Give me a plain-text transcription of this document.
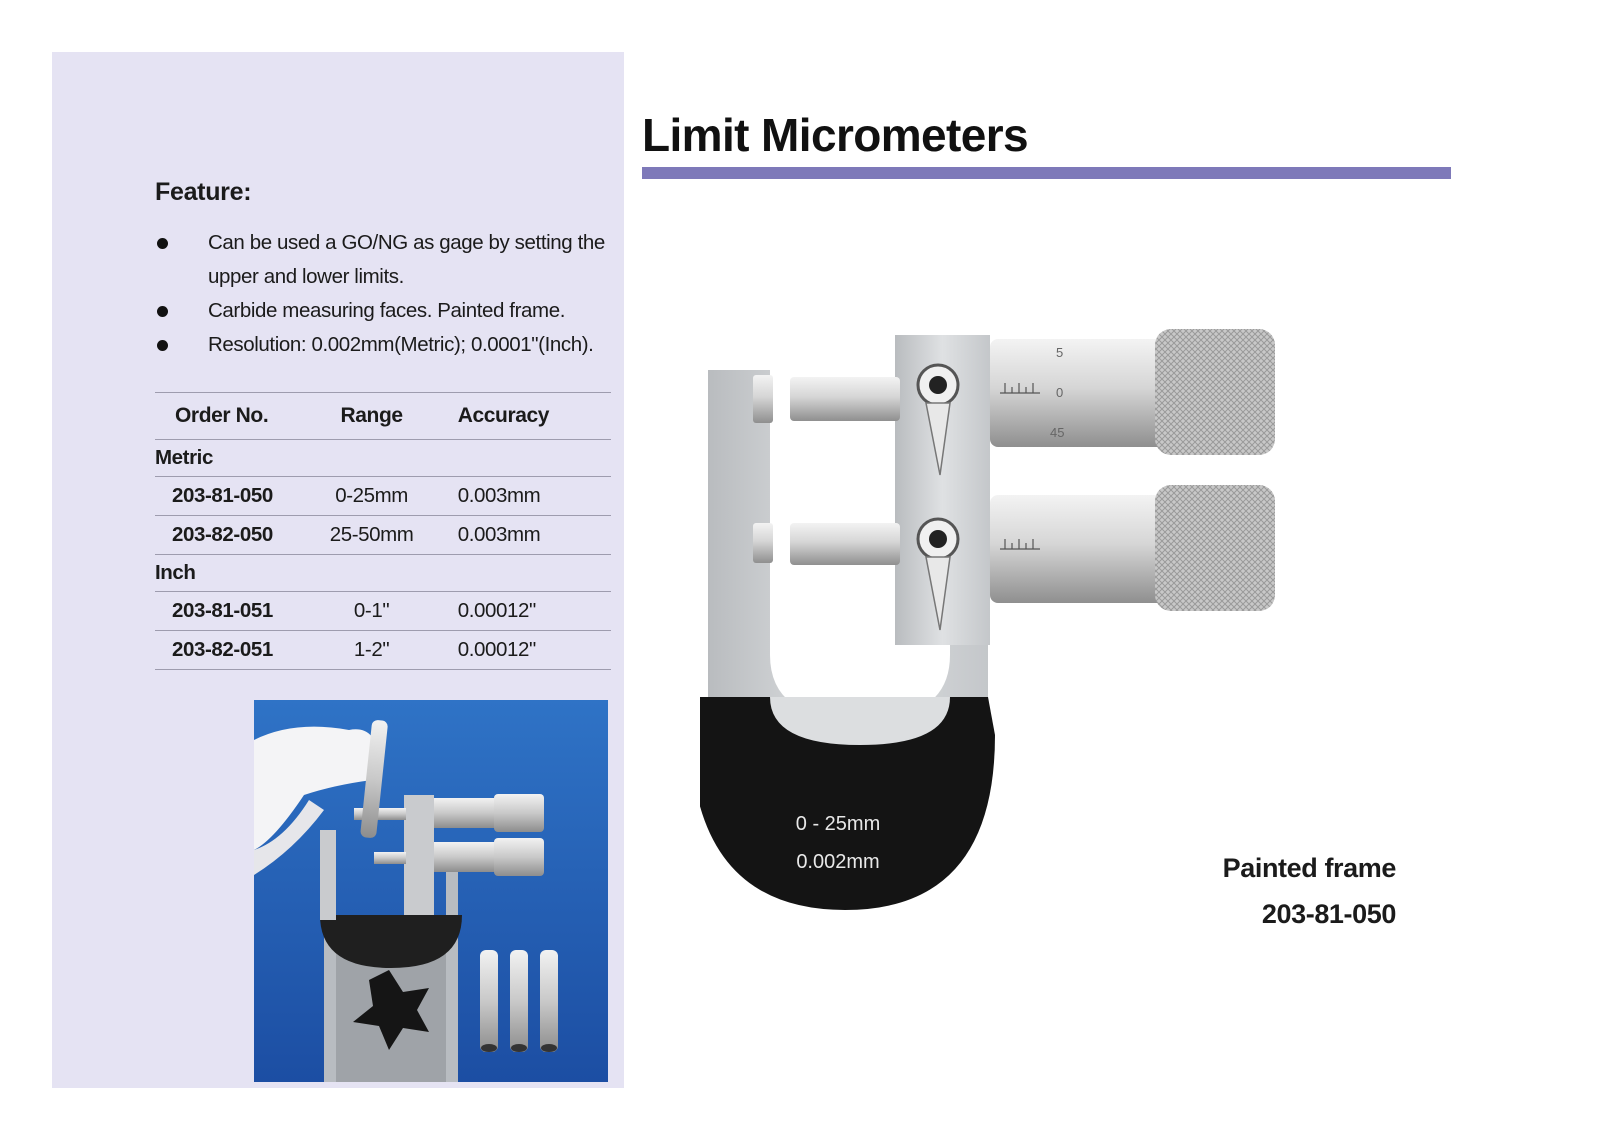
Feature:
Can be used a GO/NG as gage by setting the upper and lower limits.
Carbide measuring faces. Painted frame.
Resolution: 0.002mm(Metric); 0.0001"(Inch).
Order No.	Range	Accuracy
Metric		
203-81-050	0-25mm	0.003mm
203-82-050	25-50mm	0.003mm
Inch		
203-81-051	0-1"	0.00012"
203-82-051	1-2"	0.00012"
Limit Micrometers
0 - 25mm
0.002mm
5
0
45
Painted frame
203-81-050
